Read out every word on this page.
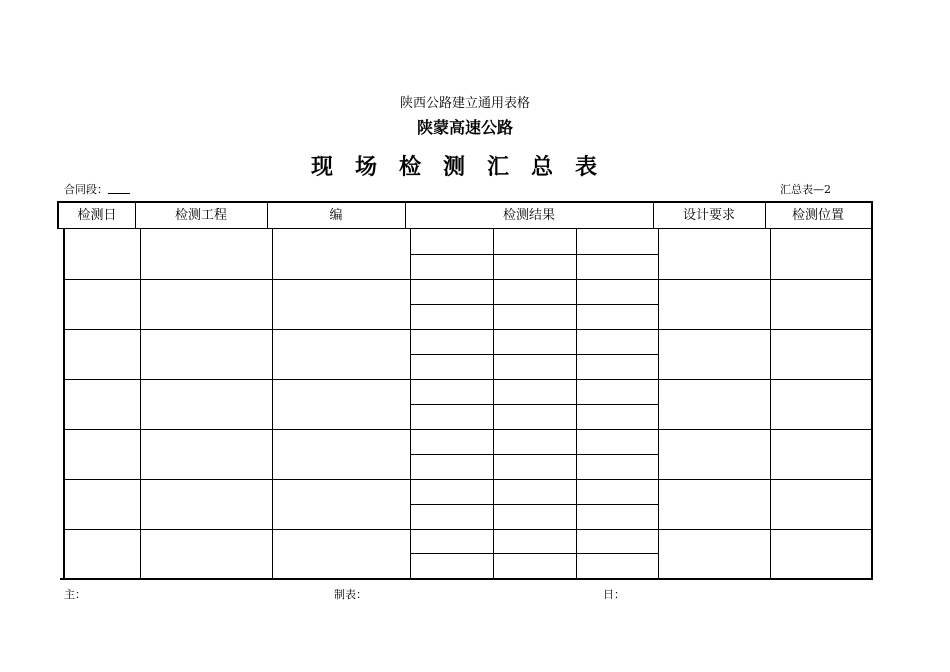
陕西公路建立通用表格
陕蒙高速公路
现场检测汇总表
合同段：	汇总表—2
检测日	检测工程	编	检测结果	设计要求	检测位置
主：	制表：	日：
